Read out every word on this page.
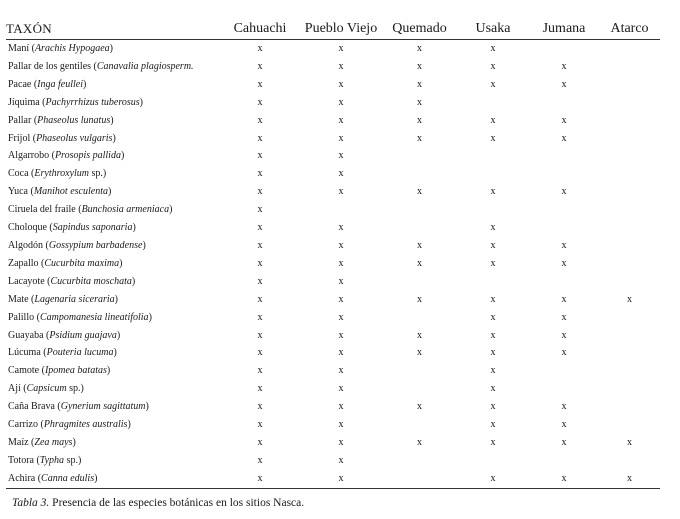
TAXÓN	Cahuachi	Pueblo Viejo	Quemado	Usaka	Jumana	Atarco
Maní (Arachis Hypogaea)	x	x	x	x		
Pallar de los gentiles (Canavalia plagiosperm.	x	x	x	x	x	
Pacae (Inga feullei)	x	x	x	x	x	
Jíquima (Pachyrrhizus tuberosus)	x	x	x			
Pallar (Phaseolus lunatus)	x	x	x	x	x	
Frijol (Phaseolus vulgaris)	x	x	x	x	x	
Algarrobo (Prosopis pallida)	x	x				
Coca (Erythroxylum sp.)	x	x				
Yuca (Manihot esculenta)	x	x	x	x	x	
Ciruela del fraile (Bunchosia armeniaca)	x					
Choloque (Sapindus saponaria)	x	x		x		
Algodón (Gossypium barbadense)	x	x	x	x	x	
Zapallo (Cucurbita maxima)	x	x	x	x	x	
Lacayote (Cucurbita moschata)	x	x				
Mate (Lagenaria siceraria)	x	x	x	x	x	x
Palillo (Campomanesia lineatifolia)	x	x		x	x	
Guayaba (Psidium guajava)	x	x	x	x	x	
Lúcuma (Pouteria lucuma)	x	x	x	x	x	
Camote (Ipomea batatas)	x	x		x		
Ají (Capsicum sp.)	x	x		x		
Caña Brava (Gynerium sagittatum)	x	x	x	x	x	
Carrizo (Phragmites australis)	x	x		x	x	
Maíz (Zea mays)	x	x	x	x	x	x
Totora (Typha sp.)	x	x				
Achira (Canna edulis)	x	x		x	x	x

Tabla 3. Presencia de las especies botánicas en los sitios Nasca.
